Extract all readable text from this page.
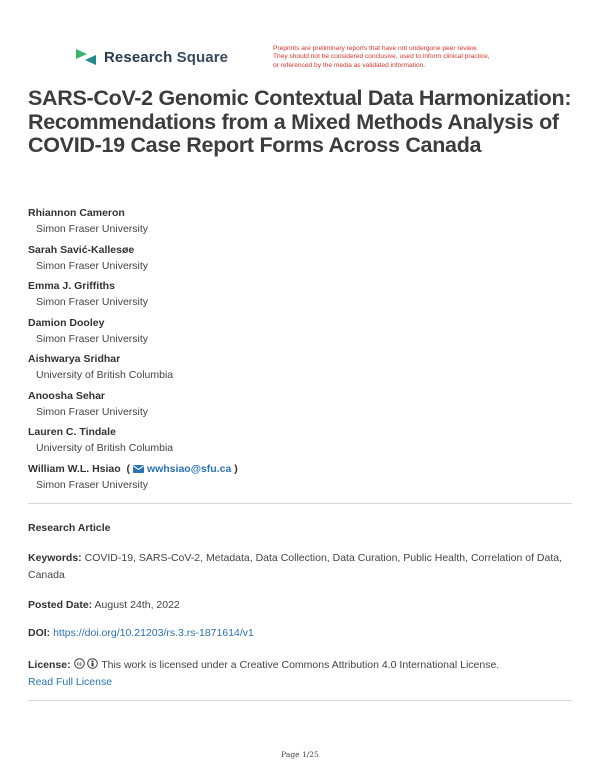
Research Square	Preprints are preliminary reports that have not undergone peer review.
They should not be considered conclusive, used to inform clinical practice,
or referenced by the media as validated information.
SARS-CoV-2 Genomic Contextual Data Harmonization: Recommendations from a Mixed Methods Analysis of COVID-19 Case Report Forms Across Canada
Rhiannon Cameron
Simon Fraser University
Sarah Savić-Kallesøe
Simon Fraser University
Emma J. Griffiths
Simon Fraser University
Damion Dooley
Simon Fraser University
Aishwarya Sridhar
University of British Columbia
Anoosha Sehar
Simon Fraser University
Lauren C. Tindale
University of British Columbia
William W.L. Hsiao  ( wwhsiao@sfu.ca )
Simon Fraser University
Research Article
Keywords: COVID-19, SARS-CoV-2, Metadata, Data Collection, Data Curation, Public Health, Correlation of Data, Canada
Posted Date: August 24th, 2022
DOI: https://doi.org/10.21203/rs.3.rs-1871614/v1
License: cc This work is licensed under a Creative Commons Attribution 4.0 International License.
Read Full License
Page 1/25
